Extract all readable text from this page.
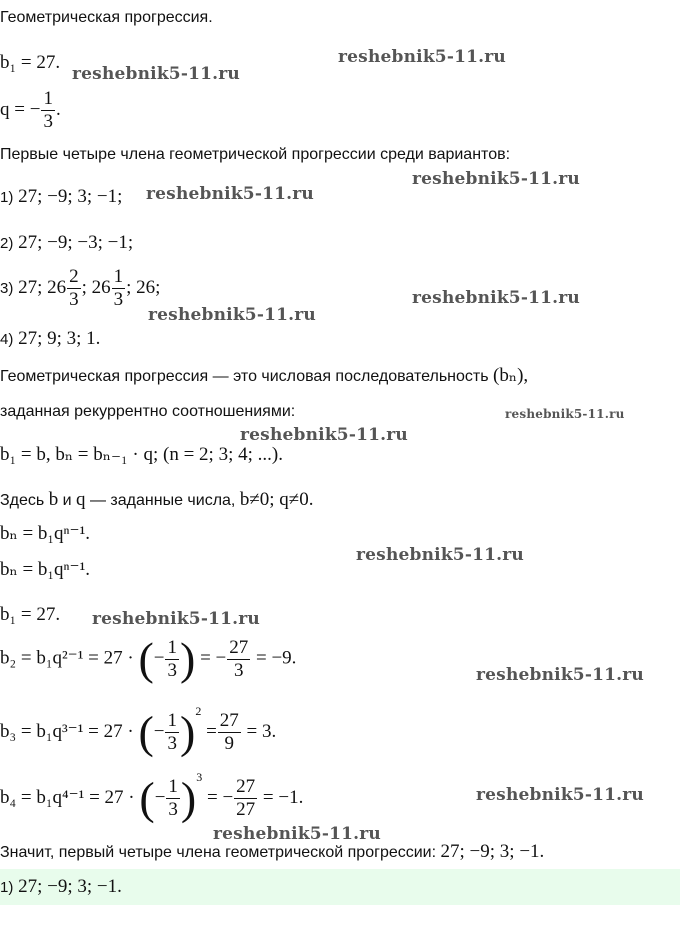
Геометрическая прогрессия.
b₁ = 27.
q = − $\frac{1}{3}$ .
Первые четыре члена геометрической прогрессии среди вариантов:
1) 27; −9; 3; −1;
2) 27; −9; −3; −1;
3) 27; $26 \frac{2}{3}$ ; $26 \frac{1}{3}$ ; 26;
4) 27; 9; 3; 1.
Геометрическая прогрессия — это числовая последовательность (bₙ),
заданная рекуррентно соотношениями:
b₁ = b, bₙ = bₙ₋₁ · q; (n = 2; 3; 4; ...).
Здесь b и q — заданные числа, b≠0; q≠0.
bₙ = b₁qⁿ⁻¹.
bₙ = b₁qⁿ⁻¹.
b₁ = 27.
b₂ = b₁q²⁻¹ = 27 · (− $\frac{1}{3}$ ) = − $\frac{27}{3} = -9$.
b₃ = b₁q³⁻¹ = 27 · (− $\frac{1}{3} )^2 = \frac{27}{9} = 3$.
b₄ = b₁q⁴⁻¹ = 27 · (− $\frac{1}{3} )^3$ = − $\frac{27}{27} = -1$.
Значит, первый четыре члена геометрической прогрессии: 27; −9; 3; −1.
1) 27; −9; 3; −1.
reshebnik5-11.ru
reshebnik5-11.ru
reshebnik5-11.ru
reshebnik5-11.ru
reshebnik5-11.ru
reshebnik5-11.ru
reshebnik5-11.ru
reshebnik5-11.ru
reshebnik5-11.ru
reshebnik5-11.ru
reshebnik5-11.ru
reshebnik5-11.ru
reshebnik5-11.ru
